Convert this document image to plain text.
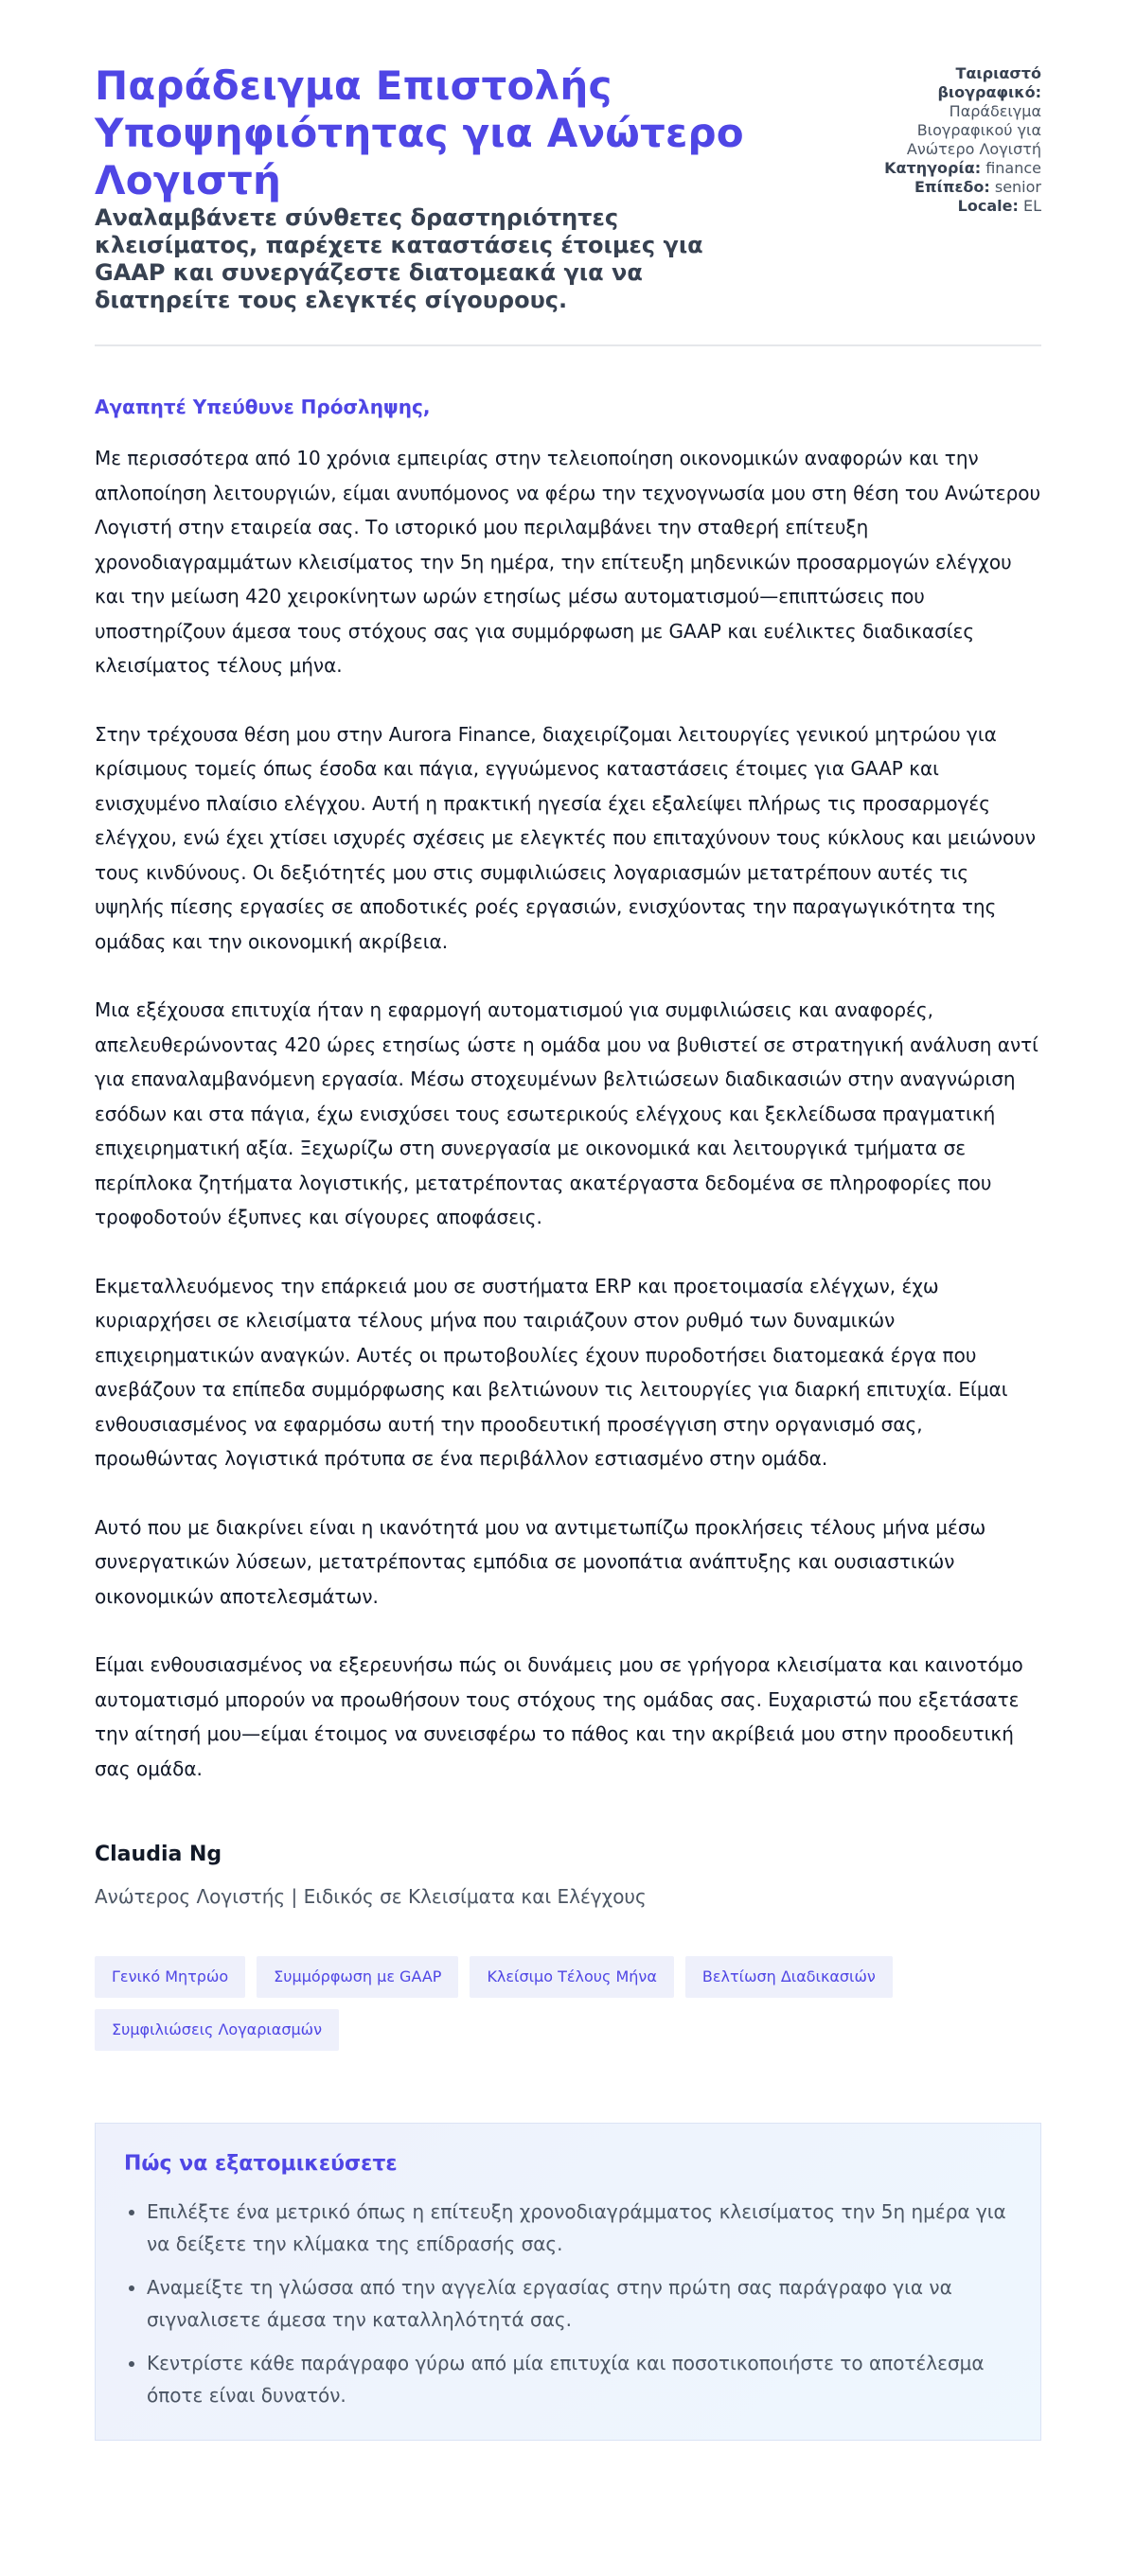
Παράδειγμα Επιστολής Υποψηφιότητας για Ανώτερο Λογιστή

Αναλαμβάνετε σύνθετες δραστηριότητες κλεισίματος, παρέχετε καταστάσεις έτοιμες για GAAP και συνεργάζεστε διατομεακά για να διατηρείτε τους ελεγκτές σίγουρους.

Ταιριαστό βιογραφικό: Παράδειγμα Βιογραφικού για Ανώτερο Λογιστή
Κατηγορία: finance
Επίπεδο: senior
Locale: EL

Αγαπητέ Υπεύθυνε Πρόσληψης,

Με περισσότερα από 10 χρόνια εμπειρίας στην τελειοποίηση οικονομικών αναφορών και την απλοποίηση λειτουργιών, είμαι ανυπόμονος να φέρω την τεχνογνωσία μου στη θέση του Ανώτερου Λογιστή στην εταιρεία σας. Το ιστορικό μου περιλαμβάνει την σταθερή επίτευξη χρονοδιαγραμμάτων κλεισίματος την 5η ημέρα, την επίτευξη μηδενικών προσαρμογών ελέγχου και την μείωση 420 χειροκίνητων ωρών ετησίως μέσω αυτοματισμού—επιπτώσεις που υποστηρίζουν άμεσα τους στόχους σας για συμμόρφωση με GAAP και ευέλικτες διαδικασίες κλεισίματος τέλους μήνα.

Στην τρέχουσα θέση μου στην Aurora Finance, διαχειρίζομαι λειτουργίες γενικού μητρώου για κρίσιμους τομείς όπως έσοδα και πάγια, εγγυώμενος καταστάσεις έτοιμες για GAAP και ενισχυμένο πλαίσιο ελέγχου. Αυτή η πρακτική ηγεσία έχει εξαλείψει πλήρως τις προσαρμογές ελέγχου, ενώ έχει χτίσει ισχυρές σχέσεις με ελεγκτές που επιταχύνουν τους κύκλους και μειώνουν τους κινδύνους. Οι δεξιότητές μου στις συμφιλιώσεις λογαριασμών μετατρέπουν αυτές τις υψηλής πίεσης εργασίες σε αποδοτικές ροές εργασιών, ενισχύοντας την παραγωγικότητα της ομάδας και την οικονομική ακρίβεια.

Μια εξέχουσα επιτυχία ήταν η εφαρμογή αυτοματισμού για συμφιλιώσεις και αναφορές, απελευθερώνοντας 420 ώρες ετησίως ώστε η ομάδα μου να βυθιστεί σε στρατηγική ανάλυση αντί για επαναλαμβανόμενη εργασία. Μέσω στοχευμένων βελτιώσεων διαδικασιών στην αναγνώριση εσόδων και στα πάγια, έχω ενισχύσει τους εσωτερικούς ελέγχους και ξεκλείδωσα πραγματική επιχειρηματική αξία. Ξεχωρίζω στη συνεργασία με οικονομικά και λειτουργικά τμήματα σε περίπλοκα ζητήματα λογιστικής, μετατρέποντας ακατέργαστα δεδομένα σε πληροφορίες που τροφοδοτούν έξυπνες και σίγουρες αποφάσεις.

Εκμεταλλευόμενος την επάρκειά μου σε συστήματα ERP και προετοιμασία ελέγχων, έχω κυριαρχήσει σε κλεισίματα τέλους μήνα που ταιριάζουν στον ρυθμό των δυναμικών επιχειρηματικών αναγκών. Αυτές οι πρωτοβουλίες έχουν πυροδοτήσει διατομεακά έργα που ανεβάζουν τα επίπεδα συμμόρφωσης και βελτιώνουν τις λειτουργίες για διαρκή επιτυχία. Είμαι ενθουσιασμένος να εφαρμόσω αυτή την προοδευτική προσέγγιση στην οργανισμό σας, προωθώντας λογιστικά πρότυπα σε ένα περιβάλλον εστιασμένο στην ομάδα.

Αυτό που με διακρίνει είναι η ικανότητά μου να αντιμετωπίζω προκλήσεις τέλους μήνα μέσω συνεργατικών λύσεων, μετατρέποντας εμπόδια σε μονοπάτια ανάπτυξης και ουσιαστικών οικονομικών αποτελεσμάτων.

Είμαι ενθουσιασμένος να εξερευνήσω πώς οι δυνάμεις μου σε γρήγορα κλεισίματα και καινοτόμο αυτοματισμό μπορούν να προωθήσουν τους στόχους της ομάδας σας. Ευχαριστώ που εξετάσατε την αίτησή μου—είμαι έτοιμος να συνεισφέρω το πάθος και την ακρίβειά μου στην προοδευτική σας ομάδα.

Claudia Ng

Ανώτερος Λογιστής | Ειδικός σε Κλεισίματα και Ελέγχους

Γενικό Μητρώο	Συμμόρφωση με GAAP	Κλείσιμο Τέλους Μήνα	Βελτίωση Διαδικασιών
Συμφιλιώσεις Λογαριασμών
Πώς να εξατομικεύσετε
• Επιλέξτε ένα μετρικό όπως η επίτευξη χρονοδιαγράμματος κλεισίματος την 5η ημέρα για να δείξετε την κλίμακα της επίδρασής σας.
• Αναμείξτε τη γλώσσα από την αγγελία εργασίας στην πρώτη σας παράγραφο για να σιγναλισετε άμεσα την καταλληλότητά σας.
• Κεντρίστε κάθε παράγραφο γύρω από μία επιτυχία και ποσοτικοποιήστε το αποτέλεσμα όποτε είναι δυνατόν.
